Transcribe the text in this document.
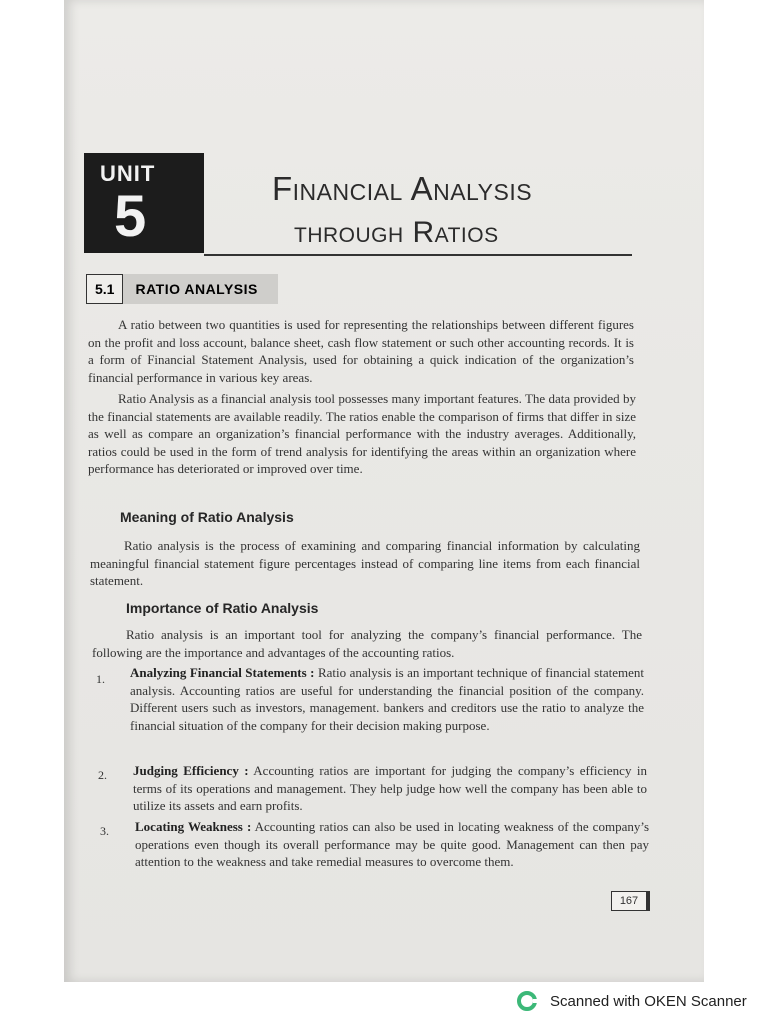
UNIT
5	Financial Analysis
through Ratios
5.1	RATIO ANALYSIS
A ratio between two quantities is used for representing the relationships between different figures on the profit and loss account, balance sheet, cash flow statement or such other accounting records. It is a form of Financial Statement Analysis, used for obtaining a quick indication of the organization’s financial performance in various key areas.
Ratio Analysis as a financial analysis tool possesses many important features. The data provided by the financial statements are available readily. The ratios enable the comparison of firms that differ in size as well as compare an organization’s financial performance with the industry averages. Additionally, ratios could be used in the form of trend analysis for identifying the areas within an organization where performance has deteriorated or improved over time.
Meaning of Ratio Analysis
Ratio analysis is the process of examining and comparing financial information by calculating meaningful financial statement figure percentages instead of comparing line items from each financial statement.
Importance of Ratio Analysis
Ratio analysis is an important tool for analyzing the company’s financial performance. The following are the importance and advantages of the accounting ratios.
1. Analyzing Financial Statements : Ratio analysis is an important technique of financial statement analysis. Accounting ratios are useful for understanding the financial position of the company. Different users such as investors, management. bankers and creditors use the ratio to analyze the financial situation of the company for their decision making purpose.
2. Judging Efficiency : Accounting ratios are important for judging the company’s efficiency in terms of its operations and management. They help judge how well the company has been able to utilize its assets and earn profits.
3. Locating Weakness : Accounting ratios can also be used in locating weakness of the company’s operations even though its overall performance may be quite good. Management can then pay attention to the weakness and take remedial measures to overcome them.
167
Scanned with OKEN Scanner
